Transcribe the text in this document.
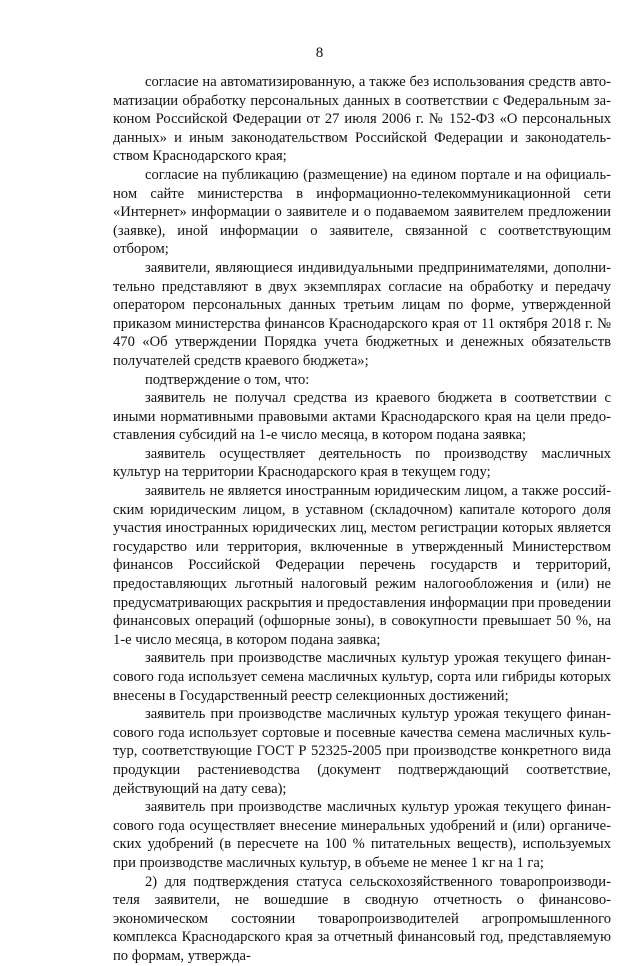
8

согласие на автоматизированную, а также без использования средств автоматизации обработку персональных данных в соответствии с Федеральным законом Российской Федерации от 27 июля 2006 г. № 152-ФЗ «О персональных данных» и иным законодательством Российской Федерации и законодательством Краснодарского края;

согласие на публикацию (размещение) на едином портале и на официальном сайте министерства в информационно-телекоммуникационной сети «Интернет» информации о заявителе и о подаваемом заявителем предложении (заявке), иной информации о заявителе, связанной с соответствующим отбором;

заявители, являющиеся индивидуальными предпринимателями, дополнительно представляют в двух экземплярах согласие на обработку и передачу оператором персональных данных третьим лицам по форме, утвержденной приказом министерства финансов Краснодарского края от 11 октября 2018 г. № 470 «Об утверждении Порядка учета бюджетных и денежных обязательств получателей средств краевого бюджета»;

подтверждение о том, что:

заявитель не получал средства из краевого бюджета в соответствии с иными нормативными правовыми актами Краснодарского края на цели предоставления субсидий на 1-е число месяца, в котором подана заявка;

заявитель осуществляет деятельность по производству масличных культур на территории Краснодарского края в текущем году;

заявитель не является иностранным юридическим лицом, а также российским юридическим лицом, в уставном (складочном) капитале которого доля участия иностранных юридических лиц, местом регистрации которых является государство или территория, включенные в утвержденный Министерством финансов Российской Федерации перечень государств и территорий, предоставляющих льготный налоговый режим налогообложения и (или) не предусматривающих раскрытия и предоставления информации при проведении финансовых операций (офшорные зоны), в совокупности превышает 50 %, на 1-е число месяца, в котором подана заявка;

заявитель при производстве масличных культур урожая текущего финансового года использует семена масличных культур, сорта или гибриды которых внесены в Государственный реестр селекционных достижений;

заявитель при производстве масличных культур урожая текущего финансового года использует сортовые и посевные качества семена масличных культур, соответствующие ГОСТ Р 52325-2005 при производстве конкретного вида продукции растениеводства (документ подтверждающий соответствие, действующий на дату сева);

заявитель при производстве масличных культур урожая текущего финансового года осуществляет внесение минеральных удобрений и (или) органических удобрений (в пересчете на 100 % питательных веществ), используемых при производстве масличных культур, в объеме не менее 1 кг на 1 га;

2) для подтверждения статуса сельскохозяйственного товаропроизводителя заявители, не вошедшие в сводную отчетность о финансово-экономическом состоянии товаропроизводителей агропромышленного комплекса Краснодарского края за отчетный финансовый год, представляемую по формам, утвержда-
